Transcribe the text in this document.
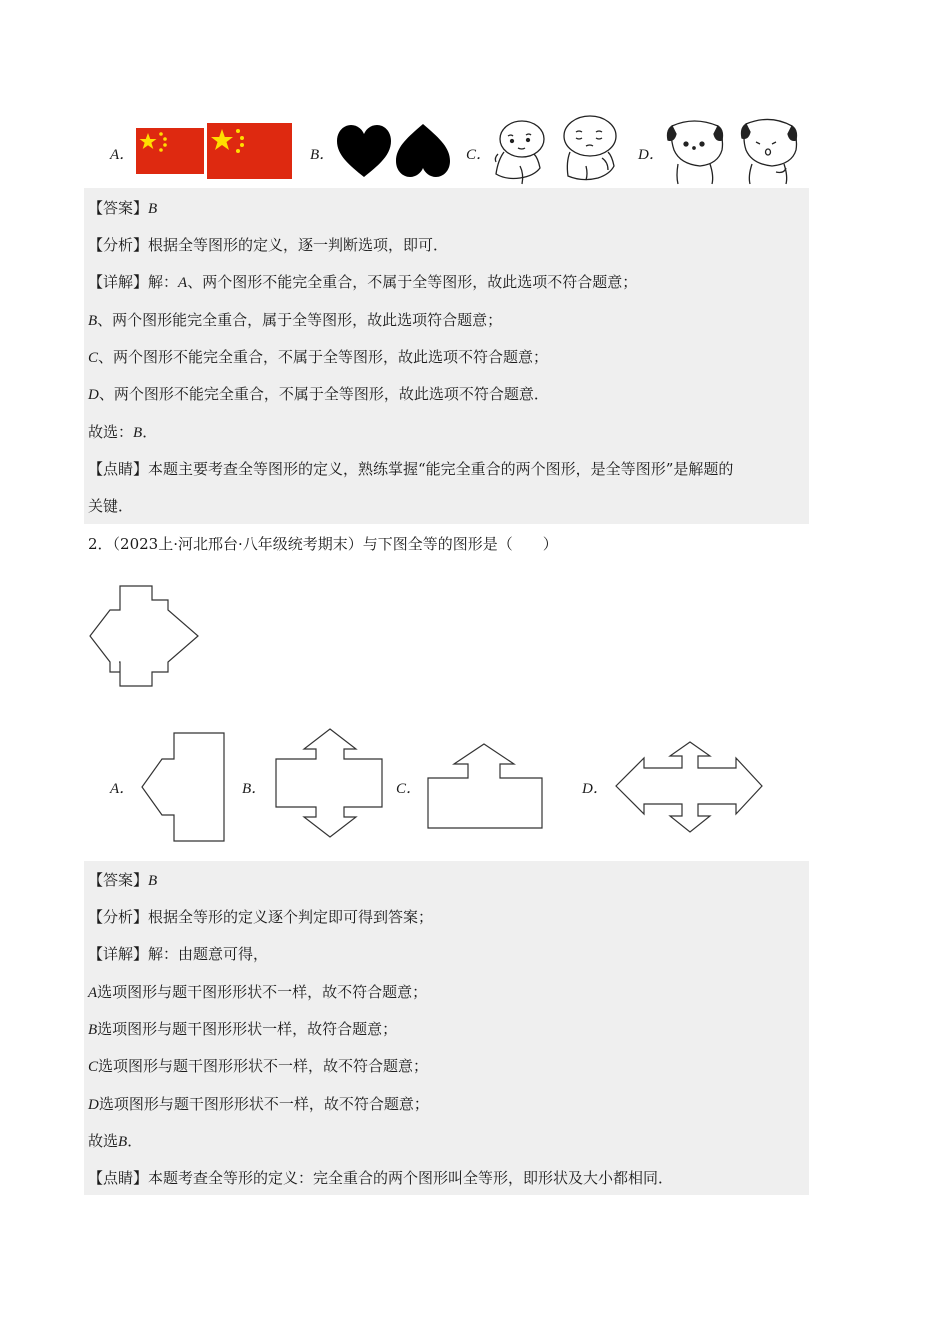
A．	B．	C．	D．
【答案】B
【分析】根据全等图形的定义，逐一判断选项，即可．
【详解】解：A、两个图形不能完全重合，不属于全等图形，故此选项不符合题意；
B、两个图形能完全重合，属于全等图形，故此选项符合题意；
C、两个图形不能完全重合，不属于全等图形，故此选项不符合题意；
D、两个图形不能完全重合，不属于全等图形，故此选项不符合题意．
故选：B．
【点睛】本题主要考查全等图形的定义，熟练掌握“能完全重合的两个图形，是全等图形”是解题的
关键．
2．（2023上·河北邢台·八年级统考期末）与下图全等的图形是（　　）
A．	B．	C．	D．
【答案】B
【分析】根据全等形的定义逐个判定即可得到答案；
【详解】解：由题意可得，
A选项图形与题干图形形状不一样，故不符合题意；
B选项图形与题干图形形状一样，故符合题意；
C选项图形与题干图形形状不一样，故不符合题意；
D选项图形与题干图形形状不一样，故不符合题意；
故选B．
【点睛】本题考查全等形的定义：完全重合的两个图形叫全等形，即形状及大小都相同．
